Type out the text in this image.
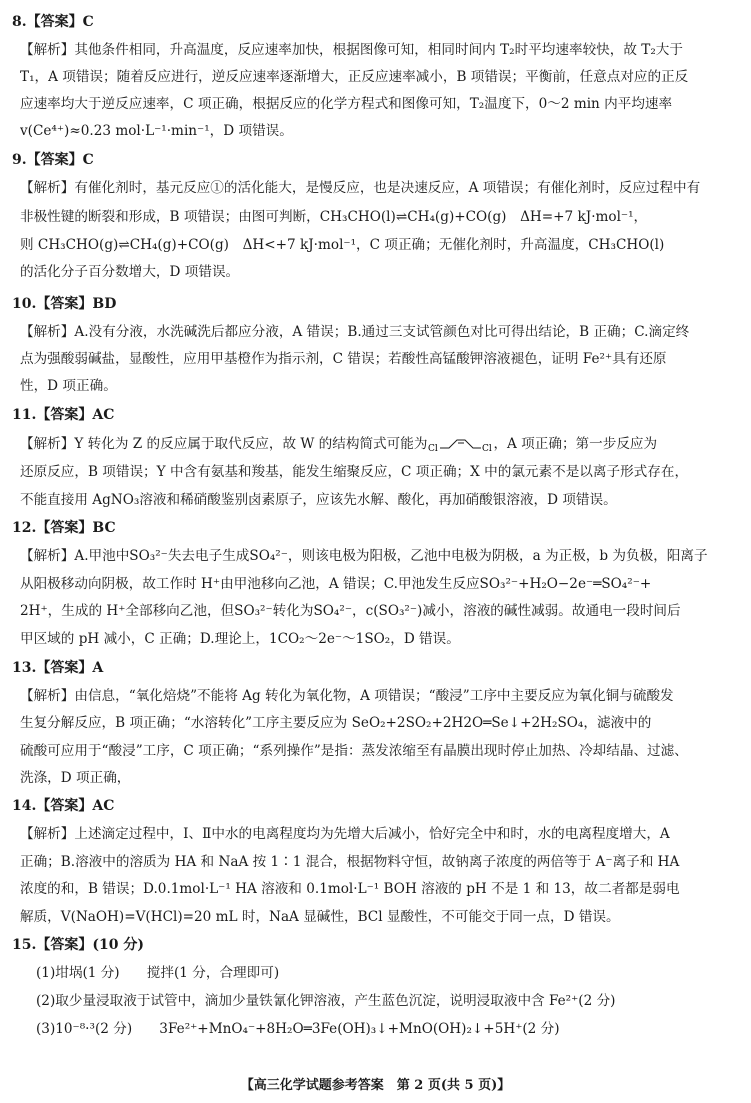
8.【答案】C
【解析】其他条件相同，升高温度，反应速率加快，根据图像可知，相同时间内 T₂时平均速率较快，故 T₂大于
T₁，A 项错误；随着反应进行，逆反应速率逐渐增大，正反应速率减小，B 项错误；平衡前，任意点对应的正反
应速率均大于逆反应速率，C 项正确，根据反应的化学方程式和图像可知，T₂温度下，0～2 min 内平均速率
v(Ce⁴⁺)≈0.23 mol·L⁻¹·min⁻¹，D 项错误。
9.【答案】C
【解析】有催化剂时，基元反应①的活化能大，是慢反应，也是决速反应，A 项错误；有催化剂时，反应过程中有
非极性键的断裂和形成，B 项错误；由图可判断，CH₃CHO(l)⇌CH₄(g)+CO(g)　ΔH=+7 kJ·mol⁻¹，
则 CH₃CHO(g)⇌CH₄(g)+CO(g)　ΔH<+7 kJ·mol⁻¹，C 项正确；无催化剂时，升高温度，CH₃CHO(l)
的活化分子百分数增大，D 项错误。
10.【答案】BD
【解析】A.没有分液，水洗碱洗后都应分液，A 错误；B.通过三支试管颜色对比可得出结论，B 正确；C.滴定终
点为强酸弱碱盐，显酸性，应用甲基橙作为指示剂，C 错误；若酸性高锰酸钾溶液褪色，证明 Fe²⁺具有还原
性，D 项正确。
11.【答案】AC
【解析】Y 转化为 Z 的反应属于取代反应，故 W 的结构简式可能为 Cl	Cl ，A 项正确；第一步反应为
还原反应，B 项错误；Y 中含有氨基和羧基，能发生缩聚反应，C 项正确；X 中的氯元素不是以离子形式存在，
不能直接用 AgNO₃溶液和稀硝酸鉴别卤素原子，应该先水解、酸化，再加硝酸银溶液，D 项错误。
12.【答案】BC
【解析】A.甲池中SO₃²⁻失去电子生成SO₄²⁻，则该电极为阳极，乙池中电极为阴极，a 为正极，b 为负极，阳离子
从阳极移动向阴极，故工作时 H⁺由甲池移向乙池，A 错误；C.甲池发生反应SO₃²⁻+H₂O−2e⁻═SO₄²⁻+
2H⁺，生成的 H⁺全部移向乙池，但SO₃²⁻转化为SO₄²⁻，c(SO₃²⁻)减小，溶液的碱性减弱。故通电一段时间后
甲区域的 pH 减小，C 正确；D.理论上，1CO₂～2e⁻～1SO₂，D 错误。
13.【答案】A
【解析】由信息，“氧化焙烧”不能将 Ag 转化为氧化物，A 项错误；“酸浸”工序中主要反应为氧化铜与硫酸发
生复分解反应，B 项正确；“水溶转化”工序主要反应为 SeO₂+2SO₂+2H2O═Se↓+2H₂SO₄，滤液中的
硫酸可应用于“酸浸”工序，C 项正确；“系列操作”是指：蒸发浓缩至有晶膜出现时停止加热、冷却结晶、过滤、
洗涤，D 项正确，
14.【答案】AC
【解析】上述滴定过程中，Ⅰ、Ⅱ中水的电离程度均为先增大后减小，恰好完全中和时，水的电离程度增大，A
正确；B.溶液中的溶质为 HA 和 NaA 按 1∶1 混合，根据物料守恒，故钠离子浓度的两倍等于 A⁻离子和 HA
浓度的和，B 错误；D.0.1mol·L⁻¹ HA 溶液和 0.1mol·L⁻¹ BOH 溶液的 pH 不是 1 和 13，故二者都是弱电
解质，V(NaOH)=V(HCl)=20 mL 时，NaA 显碱性，BCl 显酸性，不可能交于同一点，D 错误。
15.【答案】(10 分)
(1)坩埚(1 分)　　搅拌(1 分，合理即可)
(2)取少量浸取液于试管中，滴加少量铁氰化钾溶液，产生蓝色沉淀，说明浸取液中含 Fe²⁺(2 分)
(3)10⁻⁸·³(2 分)　　3Fe²⁺+MnO₄⁻+8H₂O═3Fe(OH)₃↓+MnO(OH)₂↓+5H⁺(2 分)
【高三化学试题参考答案　第 2 页(共 5 页)】
